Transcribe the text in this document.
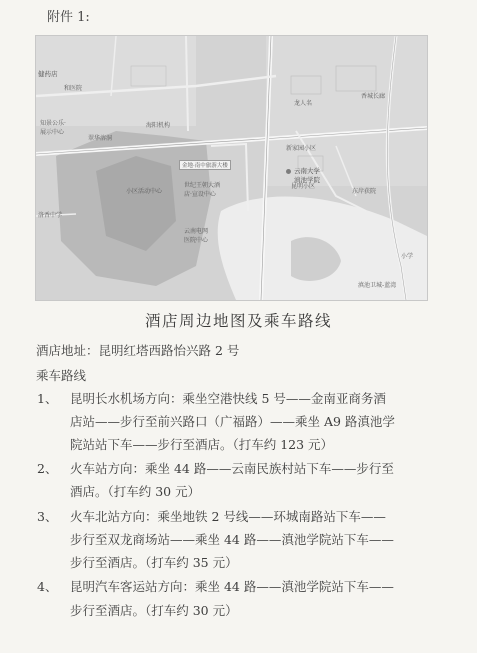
附件 1:
健药店
和医院
知景公乐·
展示中心
翠华溶洞
海阳机构
金地·南中旅游大楼
世纪王朝大酒店·宣设中心
云南电网
医院中心
小区活动中心
云南大学
滇池学院
东岸获院
香城长廊
龙人名
洛香中学
新家园小区
滇池卫城-蓝湾
昆明小区
小学
酒店周边地图及乘车路线
酒店地址：昆明红塔西路怡兴路 2 号
乘车路线
1、 昆明长水机场方向：乘坐空港快线 5 号——金南亚商务酒
店站——步行至前兴路口（广福路）——乘坐 A9 路滇池学
院站站下车——步行至酒店。（打车约 123 元）
2、 火车站方向：乘坐 44 路——云南民族村站下车——步行至
酒店。（打车约 30 元）
3、 火车北站方向：乘坐地铁 2 号线——环城南路站下车——
步行至双龙商场站——乘坐 44 路——滇池学院站下车——
步行至酒店。（打车约 35 元）
4、 昆明汽车客运站方向：乘坐 44 路——滇池学院站下车——
步行至酒店。（打车约 30 元）
